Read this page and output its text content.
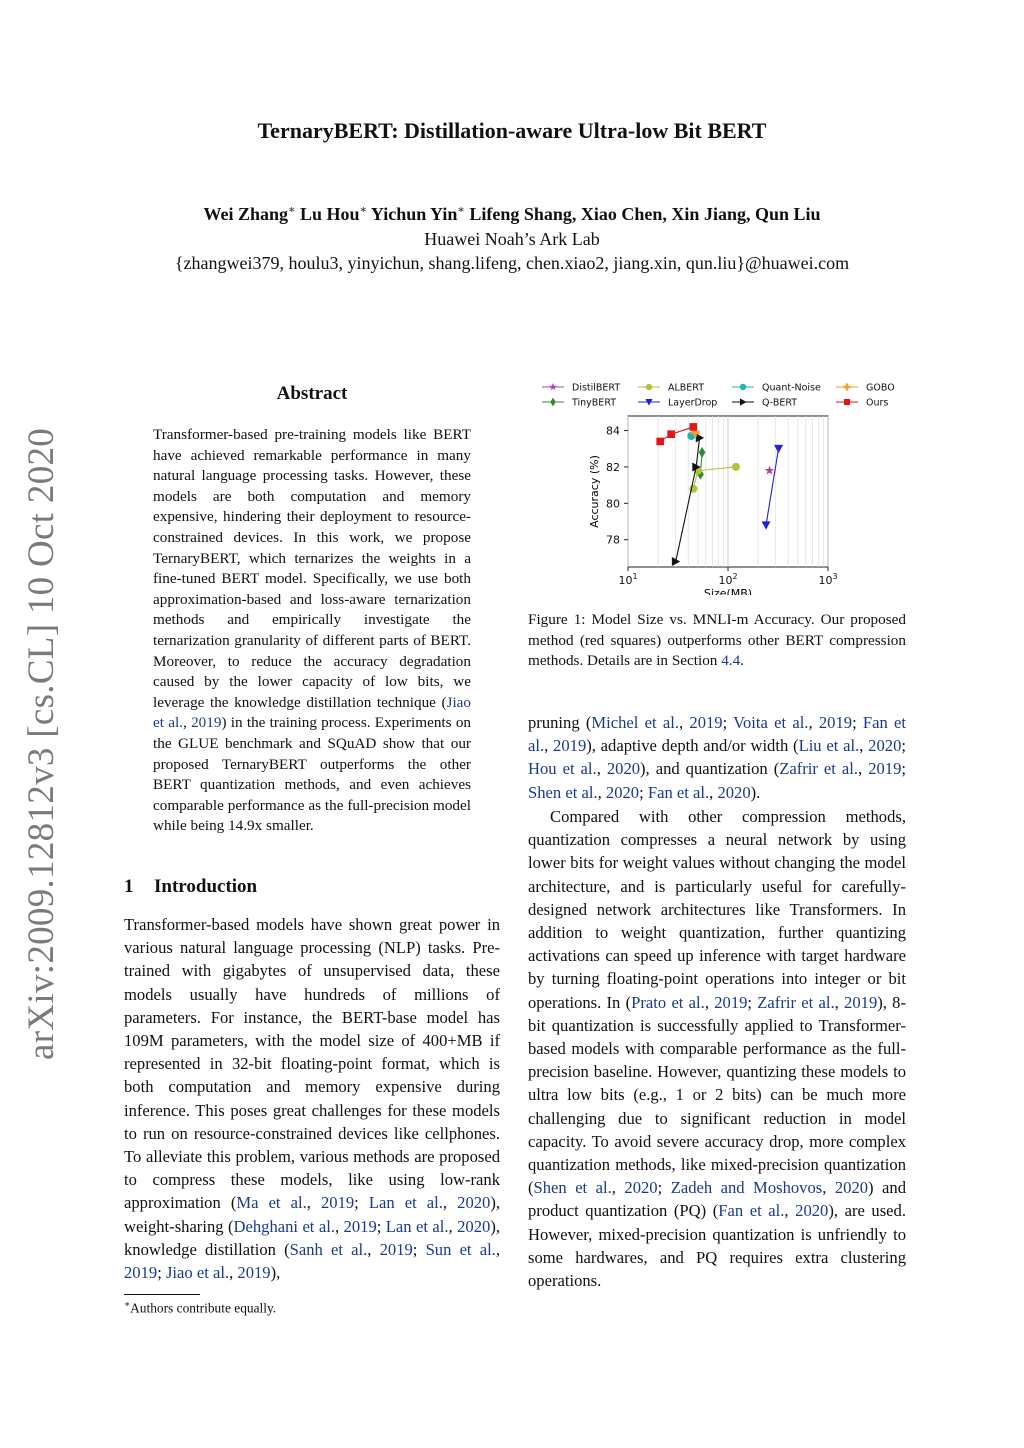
TernaryBERT: Distillation-aware Ultra-low Bit BERT
Wei Zhang∗ Lu Hou∗ Yichun Yin∗ Lifeng Shang, Xiao Chen, Xin Jiang, Qun Liu
Huawei Noah’s Ark Lab
{zhangwei379, houlu3, yinyichun, shang.lifeng, chen.xiao2, jiang.xin, qun.liu}@huawei.com
arXiv:2009.12812v3 [cs.CL] 10 Oct 2020
Abstract
Transformer-based pre-training models like BERT have achieved remarkable performance in many natural language processing tasks. However, these models are both computation and memory expensive, hindering their deployment to resource-constrained devices. In this work, we propose TernaryBERT, which ternarizes the weights in a fine-tuned BERT model. Specifically, we use both approximation-based and loss-aware ternarization methods and empirically investigate the ternarization granularity of different parts of BERT. Moreover, to reduce the accuracy degradation caused by the lower capacity of low bits, we leverage the knowledge distillation technique (Jiao et al., 2019) in the training process. Experiments on the GLUE benchmark and SQuAD show that our proposed TernaryBERT outperforms the other BERT quantization methods, and even achieves comparable performance as the full-precision model while being 14.9x smaller.
1 Introduction
Transformer-based models have shown great power in various natural language processing (NLP) tasks. Pre-trained with gigabytes of unsupervised data, these models usually have hundreds of millions of parameters. For instance, the BERT-base model has 109M parameters, with the model size of 400+MB if represented in 32-bit floating-point format, which is both computation and memory expensive during inference. This poses great challenges for these models to run on resource-constrained devices like cellphones. To alleviate this problem, various methods are proposed to compress these models, like using low-rank approximation (Ma et al., 2019; Lan et al., 2020), weight-sharing (Dehghani et al., 2019; Lan et al., 2020), knowledge distillation (Sanh et al., 2019; Sun et al., 2019; Jiao et al., 2019),
∗Authors contribute equally.
DistilBERT	ALBERT	Quant-Noise	GOBO
TinyBERT	LayerDrop	Q-BERT	Ours
78
80
82
84
$10^1$	$10^2$	$10^3$
Size(MB)
Accuracy (%)
Figure 1: Model Size vs. MNLI-m Accuracy. Our proposed method (red squares) outperforms other BERT compression methods. Details are in Section 4.4.
pruning (Michel et al., 2019; Voita et al., 2019; Fan et al., 2019), adaptive depth and/or width (Liu et al., 2020; Hou et al., 2020), and quantization (Zafrir et al., 2019; Shen et al., 2020; Fan et al., 2020).
Compared with other compression methods, quantization compresses a neural network by using lower bits for weight values without changing the model architecture, and is particularly useful for carefully-designed network architectures like Transformers. In addition to weight quantization, further quantizing activations can speed up inference with target hardware by turning floating-point operations into integer or bit operations. In (Prato et al., 2019; Zafrir et al., 2019), 8-bit quantization is successfully applied to Transformer-based models with comparable performance as the full-precision baseline. However, quantizing these models to ultra low bits (e.g., 1 or 2 bits) can be much more challenging due to significant reduction in model capacity. To avoid severe accuracy drop, more complex quantization methods, like mixed-precision quantization (Shen et al., 2020; Zadeh and Moshovos, 2020) and product quantization (PQ) (Fan et al., 2020), are used. However, mixed-precision quantization is unfriendly to some hardwares, and PQ requires extra clustering operations.
